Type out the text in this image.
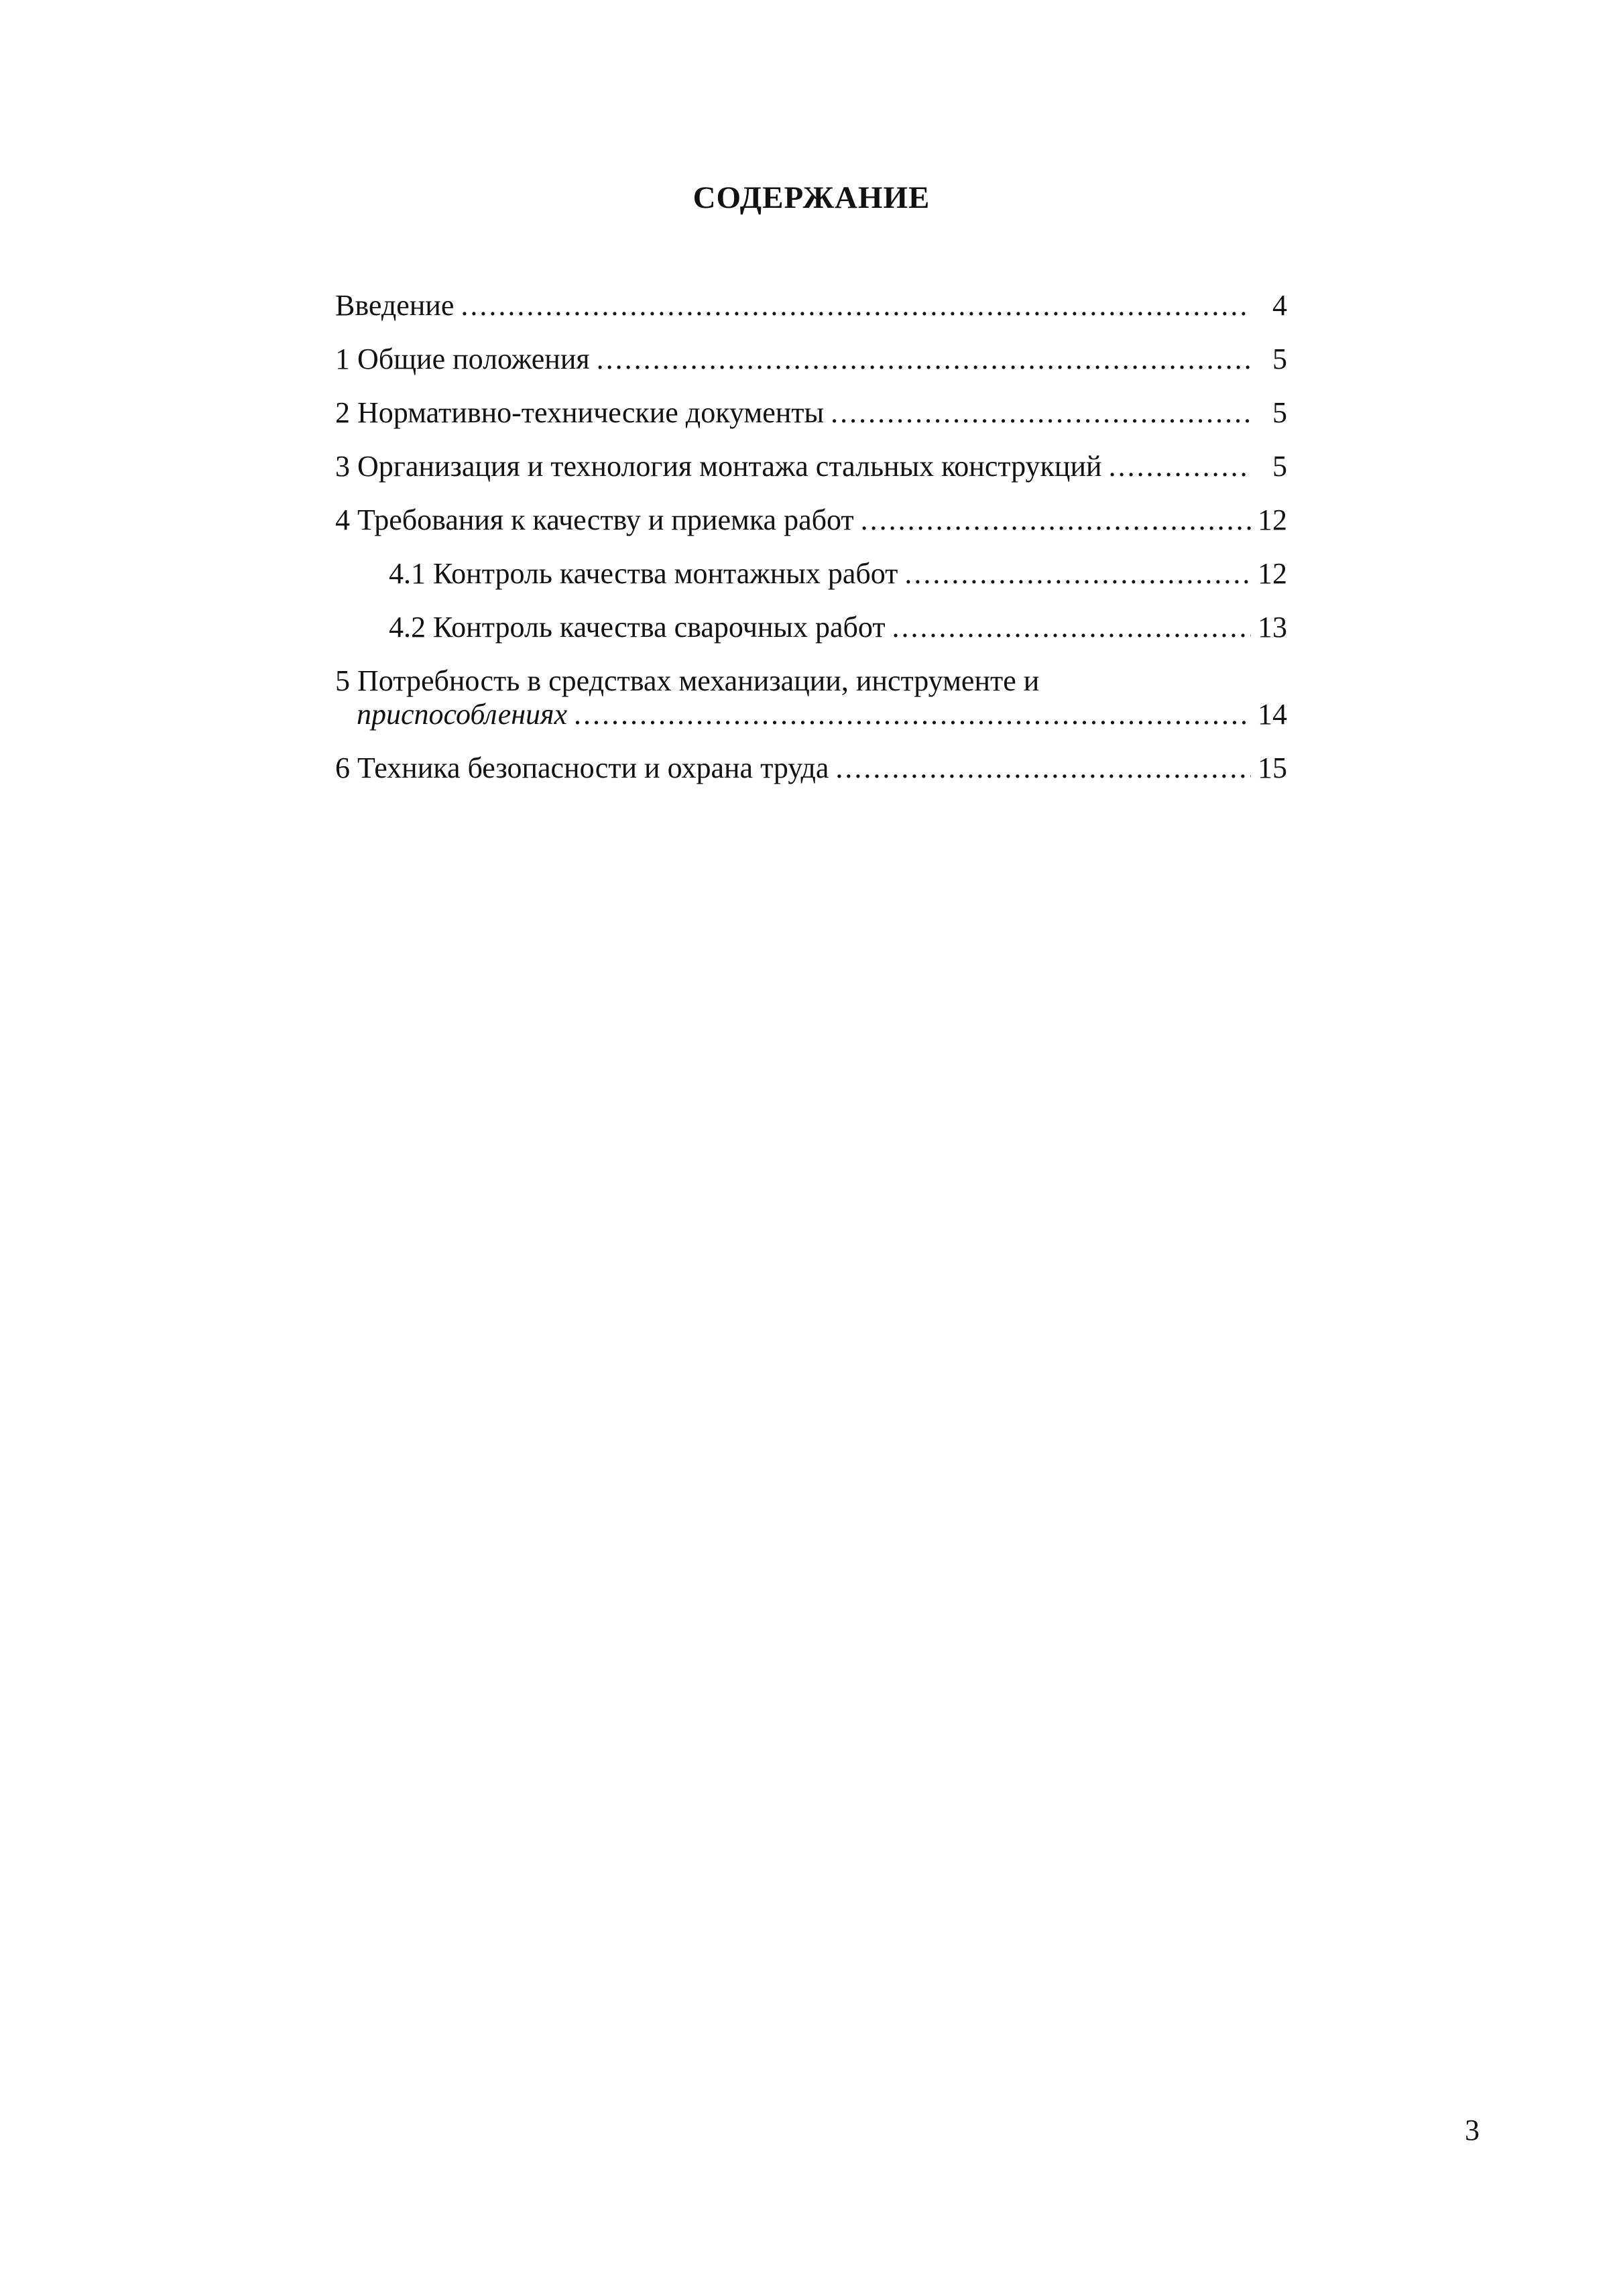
СОДЕРЖАНИЕ
Введение .....	4
1 Общие положения .....	5
2 Нормативно-технические документы .....	5
3 Организация и технология монтажа стальных конструкций .....	5
4 Требования к качеству и приемка работ .....	12
4.1 Контроль качества монтажных работ .....	12
4.2 Контроль качества сварочных работ .....	13
5 Потребность в средствах механизации, инструменте и
приспособлениях .....	14
6 Техника безопасности и охрана труда .....	15
3
